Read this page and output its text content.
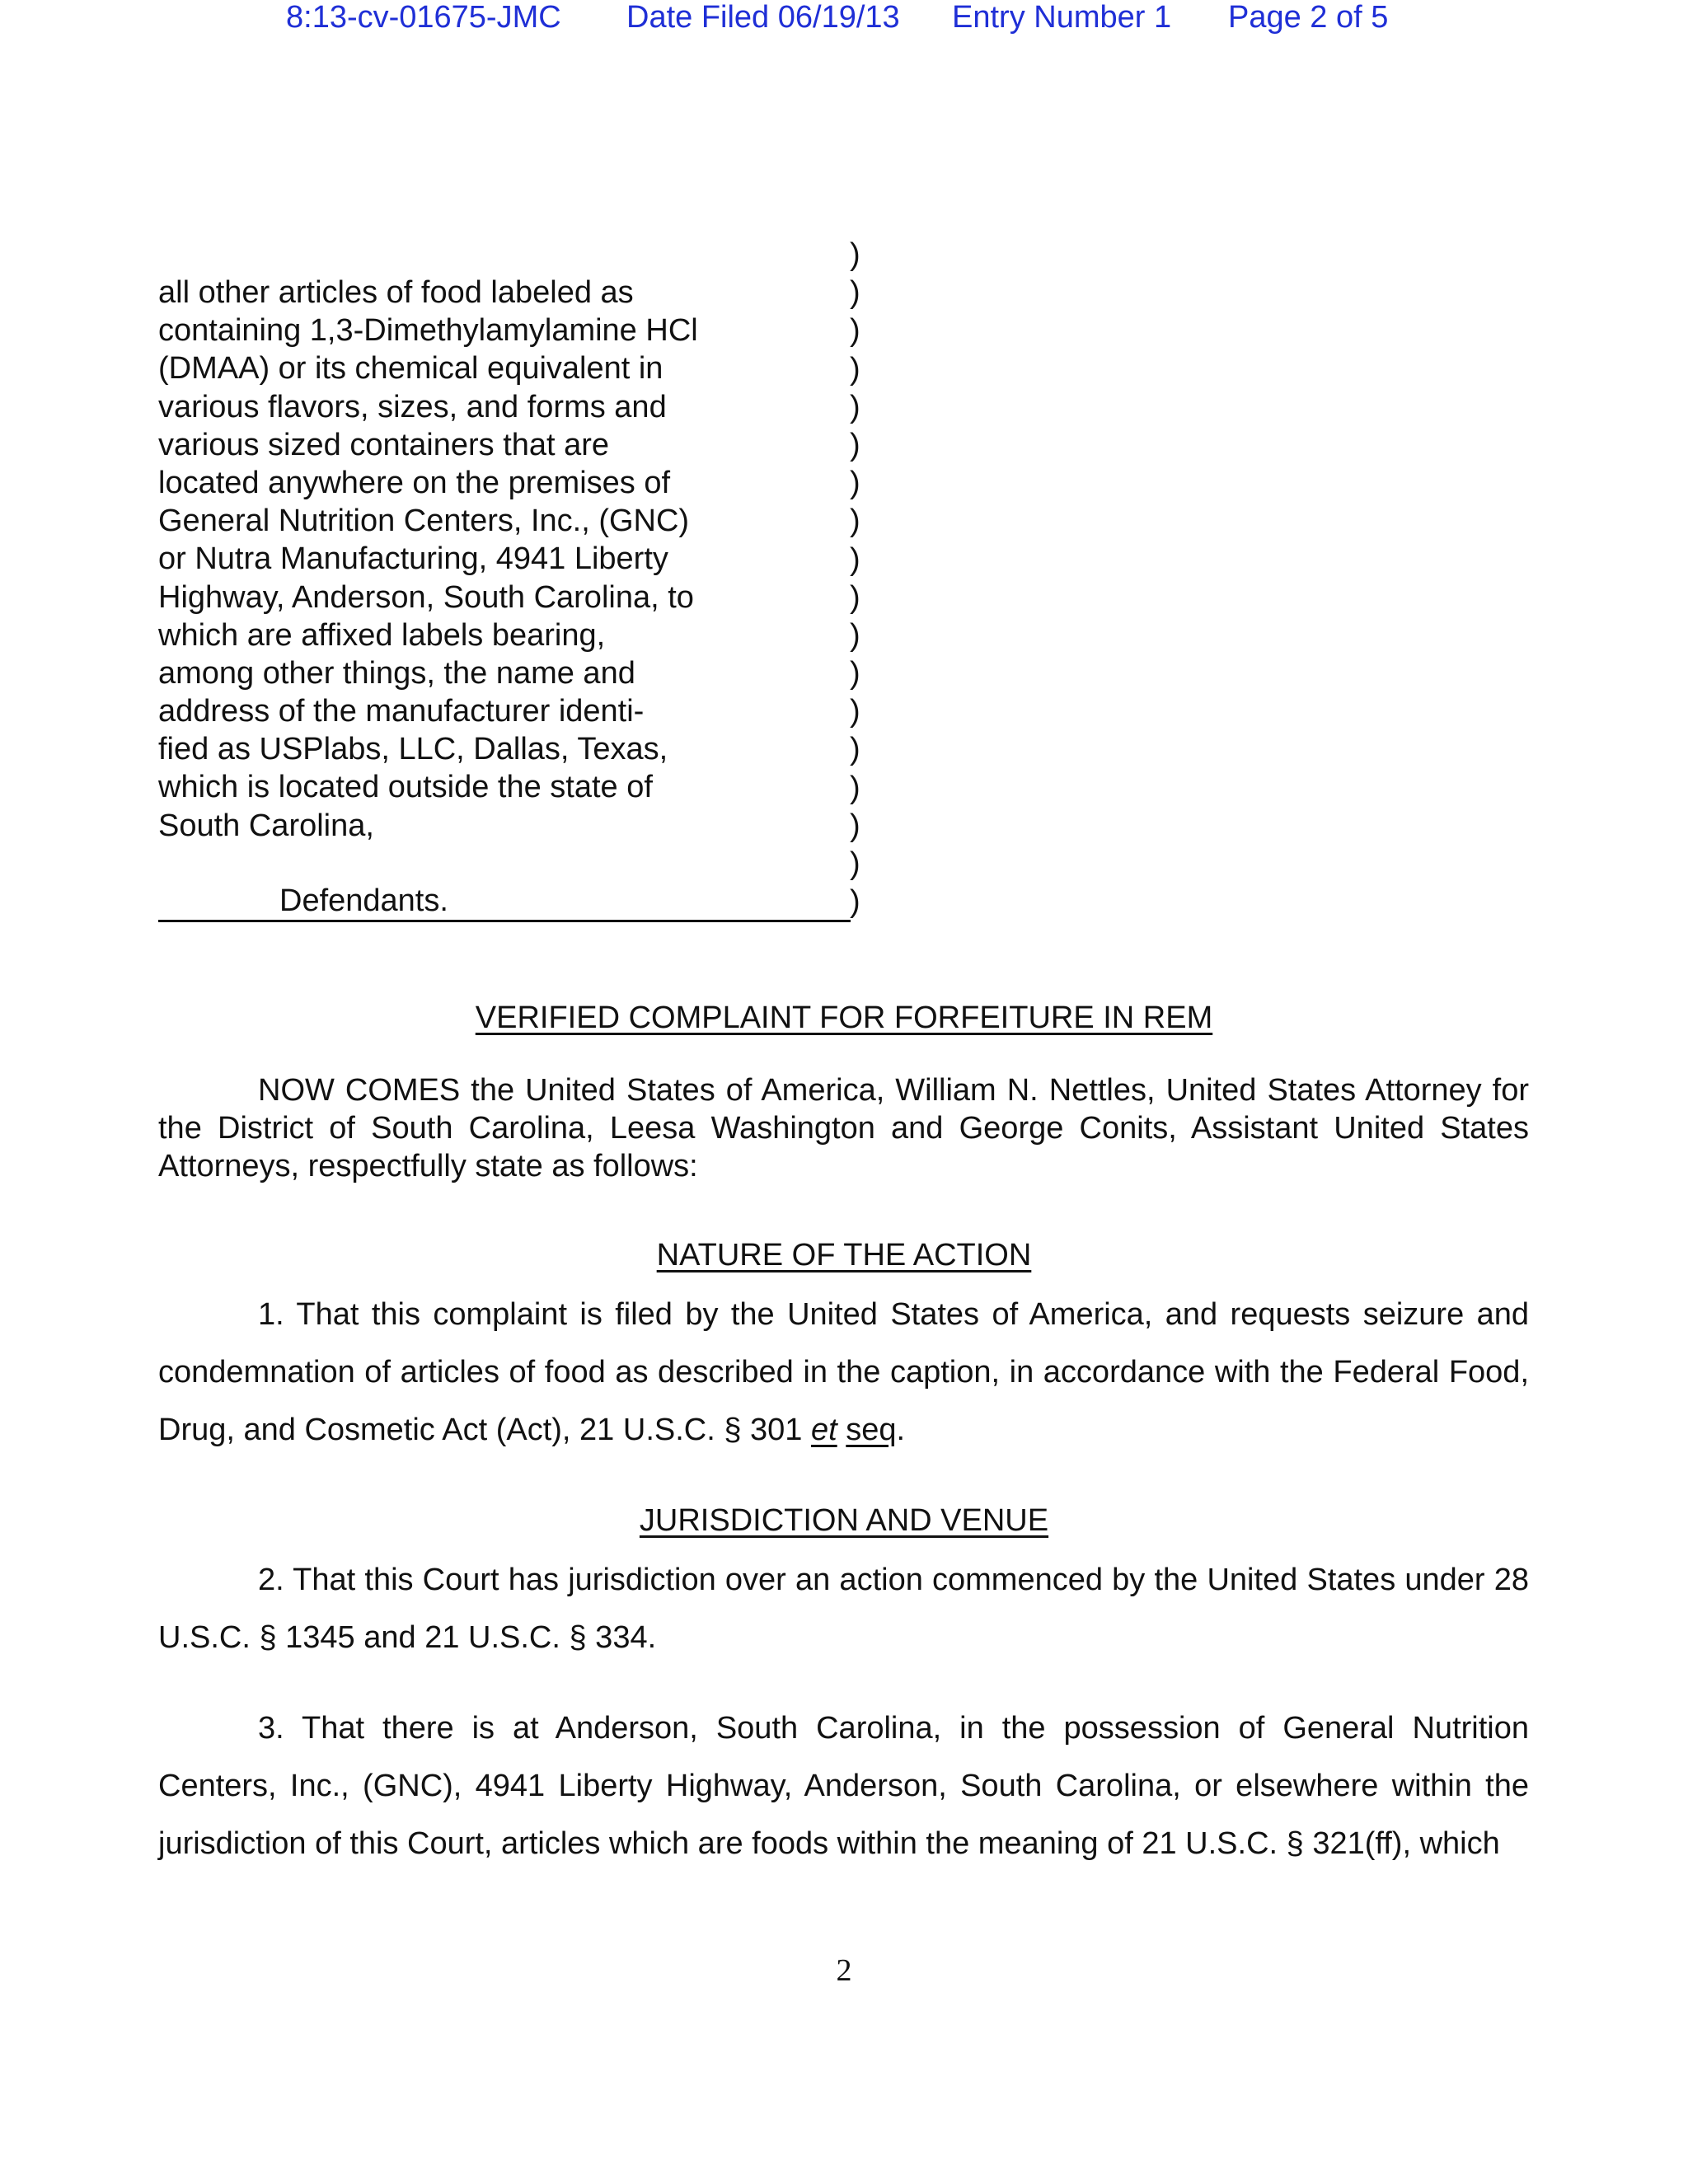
8:13-cv-01675-JMC Date Filed 06/19/13 Entry Number 1 Page 2 of 5
all other articles of food labeled as
containing 1,3-Dimethylamylamine HCl
(DMAA) or its chemical equivalent in
various flavors, sizes, and forms and
various sized containers that are
located anywhere on the premises of
General Nutrition Centers, Inc., (GNC)
or Nutra Manufacturing, 4941 Liberty
Highway, Anderson, South Carolina, to
which are affixed labels bearing,
among other things, the name and
address of the manufacturer identi-
fied as USPlabs, LLC, Dallas, Texas,
which is located outside the state of
South Carolina,
)
)
)
)
)
)
)
)
)
)
)
)
)
)
)
)
)
)
Defendants.
VERIFIED COMPLAINT FOR FORFEITURE IN REM

NOW COMES the United States of America, William N. Nettles, United States Attorney for the District of South Carolina, Leesa Washington and George Conits, Assistant United States Attorneys, respectfully state as follows:

NATURE OF THE ACTION

1. That this complaint is filed by the United States of America, and requests seizure and condemnation of articles of food as described in the caption, in accordance with the Federal Food, Drug, and Cosmetic Act (Act), 21 U.S.C. § 301 et seq.

JURISDICTION AND VENUE

2. That this Court has jurisdiction over an action commenced by the United States under 28 U.S.C. § 1345 and 21 U.S.C. § 334.

3. That there is at Anderson, South Carolina, in the possession of General Nutrition Centers, Inc., (GNC), 4941 Liberty Highway, Anderson, South Carolina, or elsewhere within the jurisdiction of this Court, articles which are foods within the meaning of 21 U.S.C. § 321(ff), which

2
